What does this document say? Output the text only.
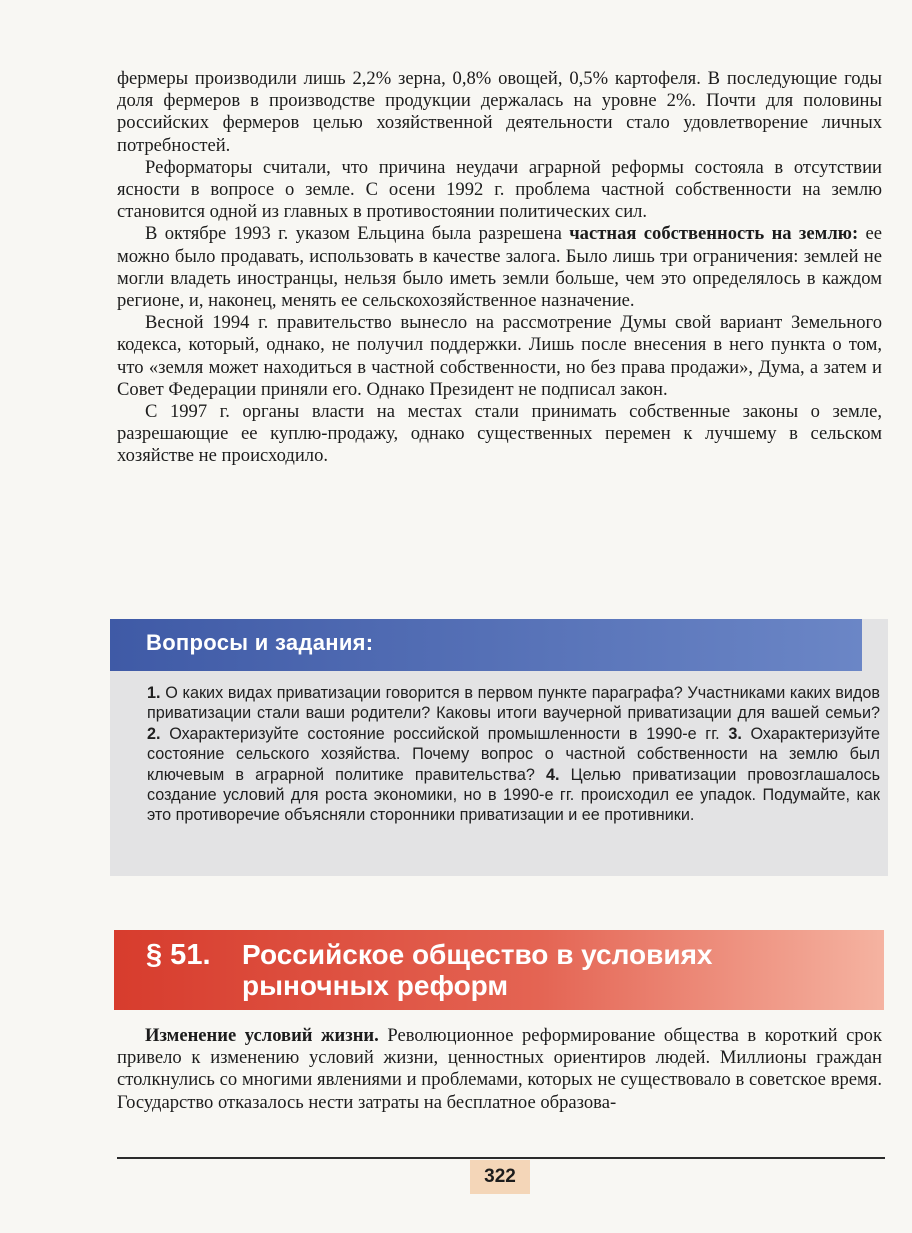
фермеры производили лишь 2,2% зерна, 0,8% овощей, 0,5% картофеля. В последующие годы доля фермеров в производстве продукции держалась на уровне 2%. Почти для половины российских фермеров целью хозяйственной деятельности стало удовлетворение личных потребностей.

Реформаторы считали, что причина неудачи аграрной реформы состояла в отсутствии ясности в вопросе о земле. С осени 1992 г. проблема частной собственности на землю становится одной из главных в противостоянии политических сил.

В октябре 1993 г. указом Ельцина была разрешена частная собственность на землю: ее можно было продавать, использовать в качестве залога. Было лишь три ограничения: землей не могли владеть иностранцы, нельзя было иметь земли больше, чем это определялось в каждом регионе, и, наконец, менять ее сельскохозяйственное назначение.

Весной 1994 г. правительство вынесло на рассмотрение Думы свой вариант Земельного кодекса, который, однако, не получил поддержки. Лишь после внесения в него пункта о том, что «земля может находиться в частной собственности, но без права продажи», Дума, а затем и Совет Федерации приняли его. Однако Президент не подписал закон.

С 1997 г. органы власти на местах стали принимать собственные законы о земле, разрешающие ее куплю-продажу, однако существенных перемен к лучшему в сельском хозяйстве не происходило.

Вопросы и задания:

1. О каких видах приватизации говорится в первом пункте параграфа? Участниками каких видов приватизации стали ваши родители? Каковы итоги ваучерной приватизации для вашей семьи? 2. Охарактеризуйте состояние российской промышленности в 1990-е гг. 3. Охарактеризуйте состояние сельского хозяйства. Почему вопрос о частной собственности на землю был ключевым в аграрной политике правительства? 4. Целью приватизации провозглашалось создание условий для роста экономики, но в 1990-е гг. происходил ее упадок. Подумайте, как это противоречие объясняли сторонники приватизации и ее противники.

§ 51. Российское общество в условиях рыночных реформ

Изменение условий жизни. Революционное реформирование общества в короткий срок привело к изменению условий жизни, ценностных ориентиров людей. Миллионы граждан столкнулись со многими явлениями и проблемами, которых не существовало в советское время. Государство отказалось нести затраты на бесплатное образова-

322
